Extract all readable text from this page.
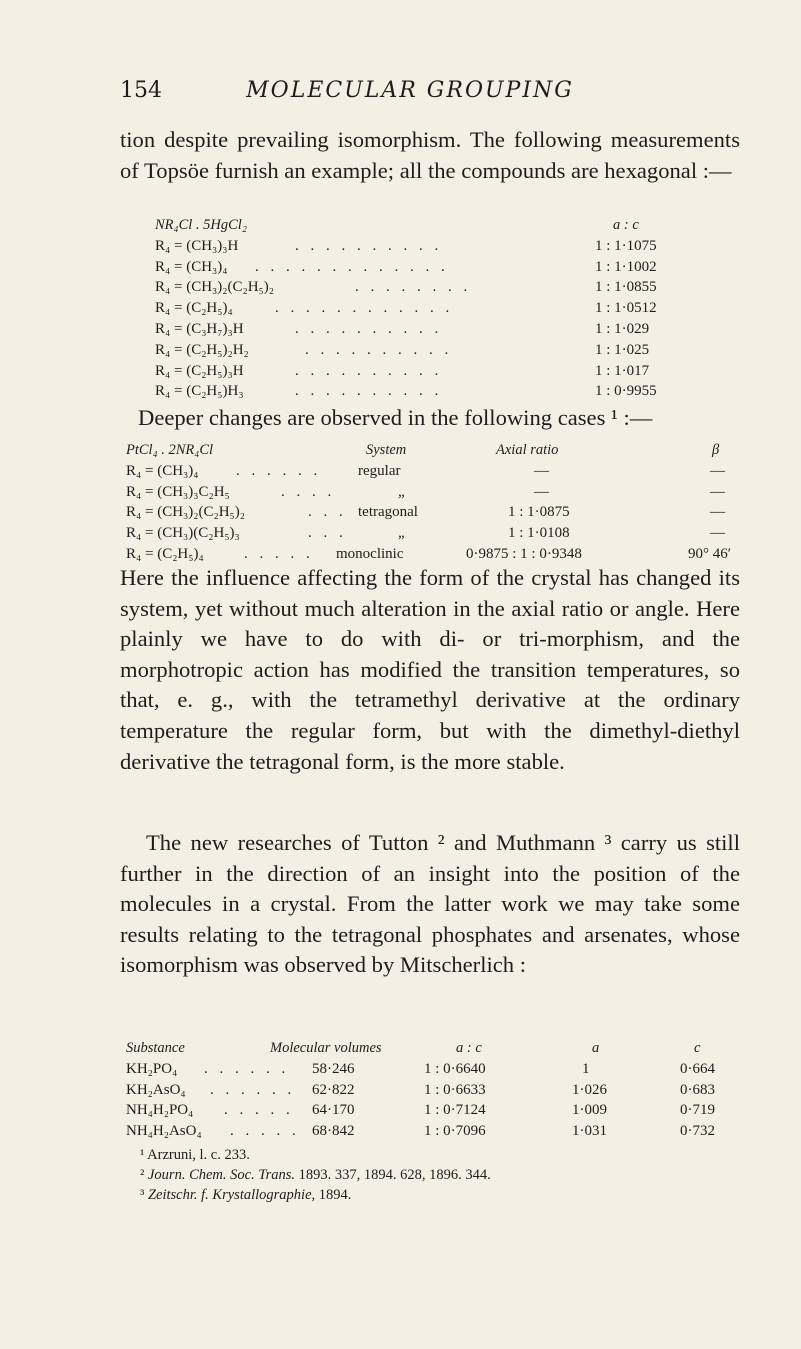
154	MOLECULAR GROUPING

tion despite prevailing isomorphism. The following measurements of Topsöe furnish an example; all the compounds are hexagonal :—

NR₄Cl . 5HgCl₂	a : c
R₄ = (CH₃)₃H	. . . . . . . . . .	1 : 1·1075
R₄ = (CH₃)₄ . . . . . . . . . . . . .	1 : 1·1002
R₄ = (CH₃)₂(C₂H₅)₂	. . . . . . . .	1 : 1·0855
R₄ = (C₂H₅)₄	. . . . . . . . . . . .	1 : 1·0512
R₄ = (C₃H₇)₃H	. . . . . . . . . .	1 : 1·029
R₄ = (C₂H₅)₂H₂	. . . . . . . . . .	1 : 1·025
R₄ = (C₂H₅)₃H	. . . . . . . . . .	1 : 1·017
R₄ = (C₂H₅)H₃	. . . . . . . . . .	1 : 0·9955

Deeper changes are observed in the following cases ¹ :—

PtCl₄ . 2NR₄Cl	System	Axial ratio	β
R₄ = (CH₃)₄	. . . . . . regular	—	—
R₄ = (CH₃)₃C₂H₅	. . . .	„	—	—
R₄ = (CH₃)₂(C₂H₅)₂	. . . tetragonal	1 : 1·0875	—
R₄ = (CH₃)(C₂H₅)₃	. . .	„	1 : 1·0108	—
R₄ = (C₂H₅)₄	. . . . . monoclinic	0·9875 : 1 : 0·9348	90° 46′

Here the influence affecting the form of the crystal has changed its system, yet without much alteration in the axial ratio or angle. Here plainly we have to do with di- or tri-morphism, and the morphotropic action has modified the transition temperatures, so that, e. g., with the tetramethyl derivative at the ordinary temperature the regular form, but with the dimethyl-diethyl derivative the tetragonal form, is the more stable.

The new researches of Tutton ² and Muthmann ³ carry us still further in the direction of an insight into the position of the molecules in a crystal. From the latter work we may take some results relating to the tetragonal phosphates and arsenates, whose isomorphism was observed by Mitscherlich :

Substance	Molecular volumes	a : c	a	c
KH₂PO₄ . . . . . . 58·246	1 : 0·6640	1	0·664
KH₂AsO₄ . . . . . . 62·822	1 : 0·6633	1·026	0·683
NH₄H₂PO₄ . . . . . 64·170	1 : 0·7124	1·009	0·719
NH₄H₂AsO₄ . . . . . 68·842	1 : 0·7096	1·031	0·732
¹ Arzruni, l. c. 233.
² Journ. Chem. Soc. Trans. 1893. 337, 1894. 628, 1896. 344.
³ Zeitschr. f. Krystallographie, 1894.
